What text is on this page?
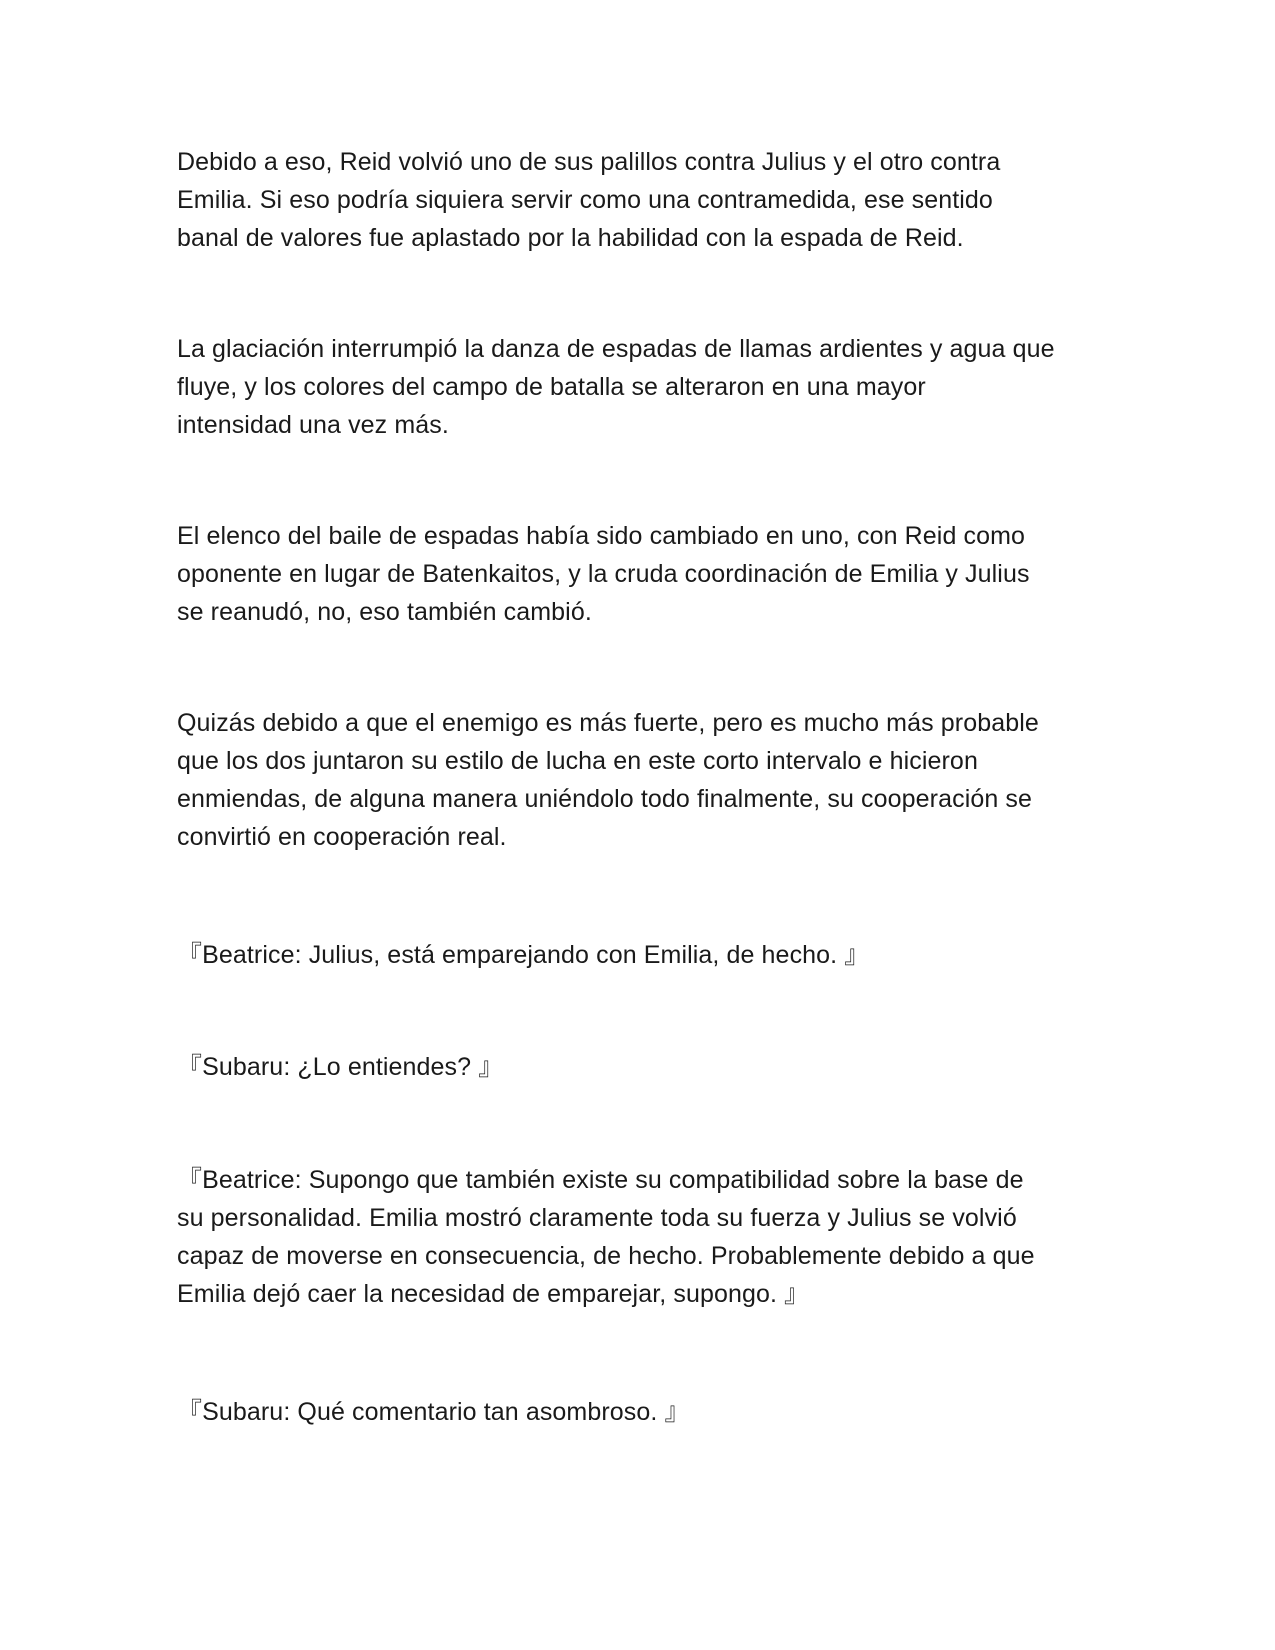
Debido a eso, Reid volvió uno de sus palillos contra Julius y el otro contra
Emilia. Si eso podría siquiera servir como una contramedida, ese sentido
banal de valores fue aplastado por la habilidad con la espada de Reid.
La glaciación interrumpió la danza de espadas de llamas ardientes y agua que
fluye, y los colores del campo de batalla se alteraron en una mayor
intensidad una vez más.
El elenco del baile de espadas había sido cambiado en uno, con Reid como
oponente en lugar de Batenkaitos, y la cruda coordinación de Emilia y Julius
se reanudó, no, eso también cambió.
Quizás debido a que el enemigo es más fuerte, pero es mucho más probable
que los dos juntaron su estilo de lucha en este corto intervalo e hicieron
enmiendas, de alguna manera uniéndolo todo finalmente, su cooperación se
convirtió en cooperación real.
『Beatrice: Julius, está emparejando con Emilia, de hecho. 』
『Subaru: ¿Lo entiendes? 』
『Beatrice: Supongo que también existe su compatibilidad sobre la base de
su personalidad. Emilia mostró claramente toda su fuerza y Julius se volvió
capaz de moverse en consecuencia, de hecho. Probablemente debido a que
Emilia dejó caer la necesidad de emparejar, supongo. 』
『Subaru: Qué comentario tan asombroso. 』
